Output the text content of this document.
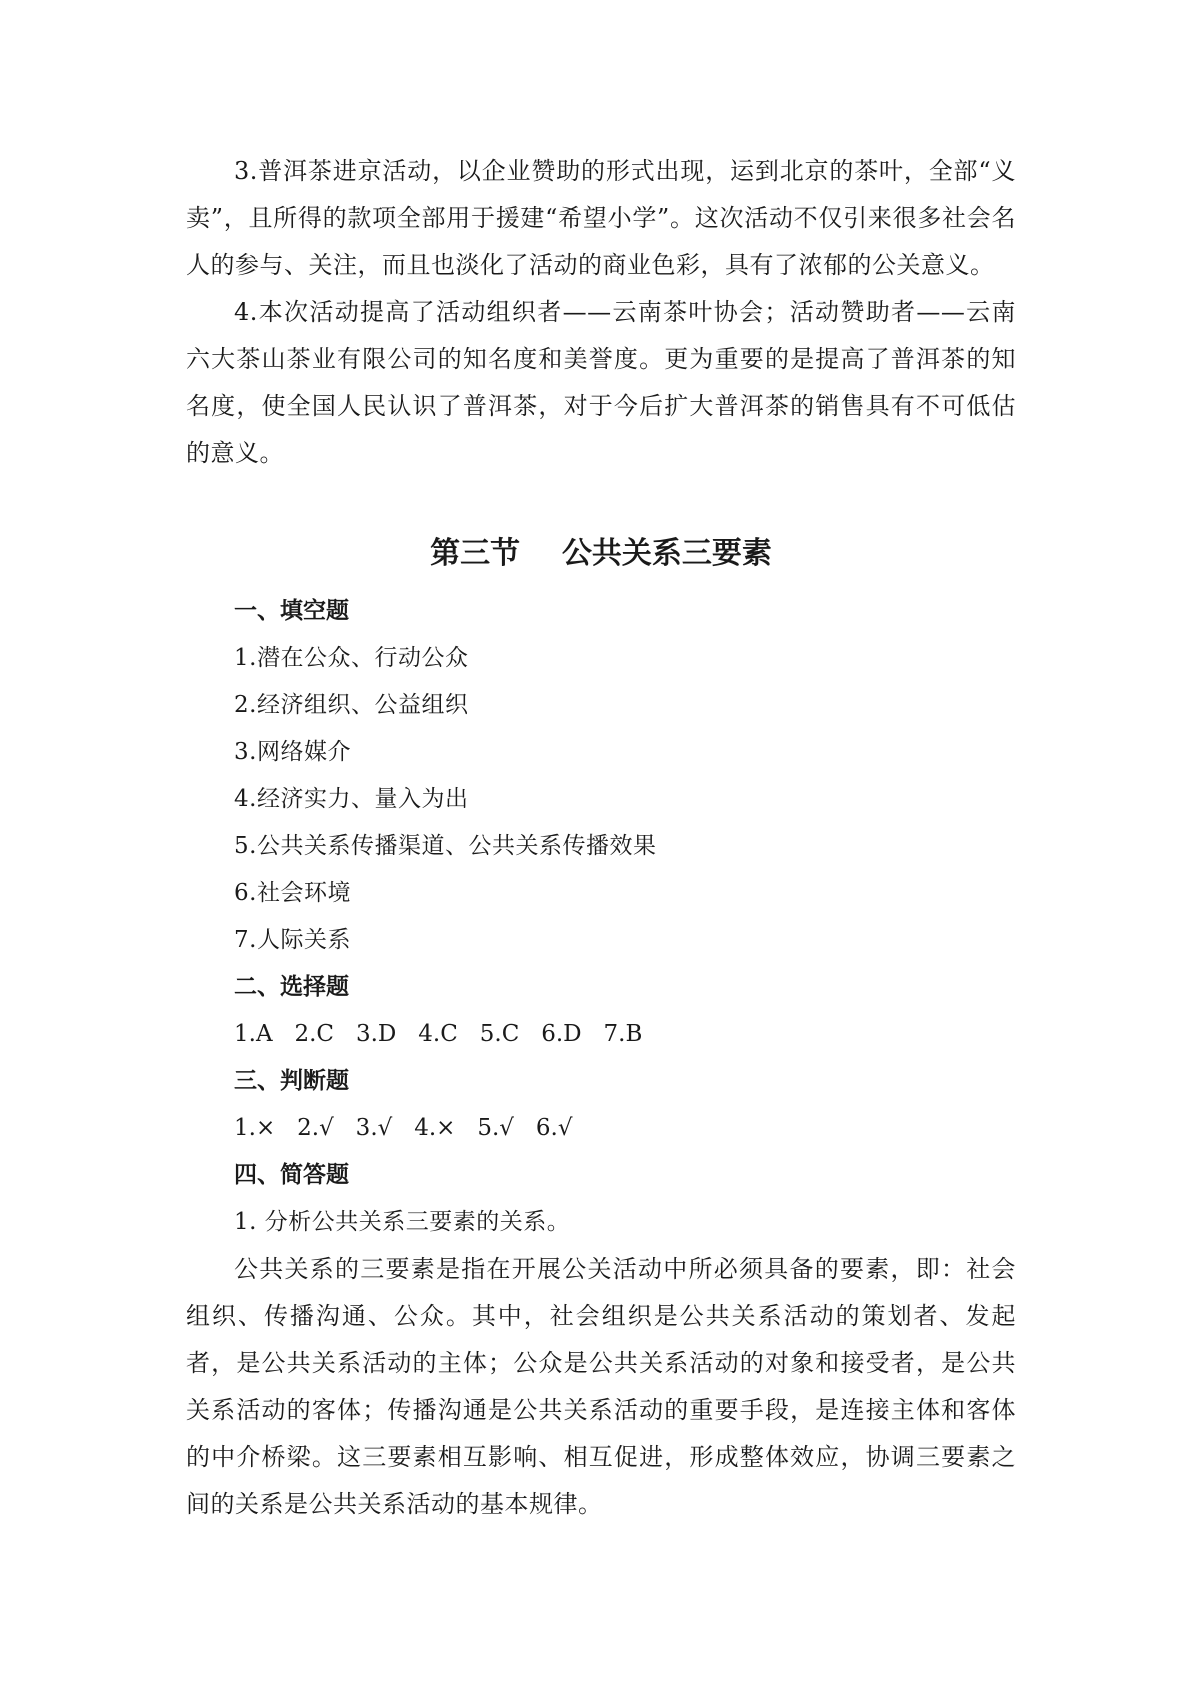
3.普洱茶进京活动，以企业赞助的形式出现，运到北京的茶叶，全部“义卖”，且所得的款项全部用于援建“希望小学”。这次活动不仅引来很多社会名人的参与、关注，而且也淡化了活动的商业色彩，具有了浓郁的公关意义。

4.本次活动提高了活动组织者——云南茶叶协会；活动赞助者——云南六大茶山茶业有限公司的知名度和美誉度。更为重要的是提高了普洱茶的知名度，使全国人民认识了普洱茶，对于今后扩大普洱茶的销售具有不可低估的意义。

第三节    公共关系三要素

一、填空题

1.潜在公众、行动公众

2.经济组织、公益组织

3.网络媒介

4.经济实力、量入为出

5.公共关系传播渠道、公共关系传播效果

6.社会环境

7.人际关系

二、选择题

1.A   2.C   3.D   4.C   5.C   6.D   7.B

三、判断题

1.×   2.√   3.√   4.×   5.√   6.√

四、简答题

1. 分析公共关系三要素的关系。

公共关系的三要素是指在开展公关活动中所必须具备的要素，即：社会组织、传播沟通、公众。其中，社会组织是公共关系活动的策划者、发起者，是公共关系活动的主体；公众是公共关系活动的对象和接受者，是公共关系活动的客体；传播沟通是公共关系活动的重要手段，是连接主体和客体的中介桥梁。这三要素相互影响、相互促进，形成整体效应，协调三要素之间的关系是公共关系活动的基本规律。
